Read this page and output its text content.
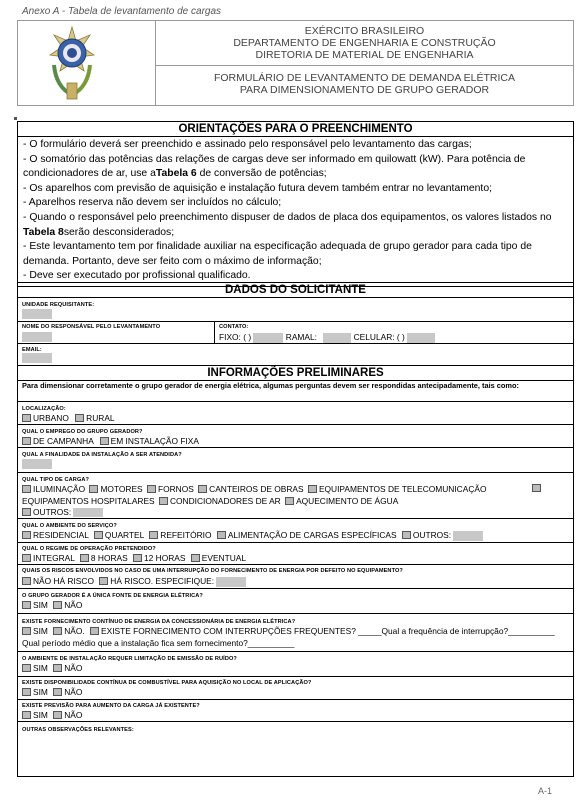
Anexo A - Tabela de levantamento de cargas
EXÉRCITO BRASILEIRO
DEPARTAMENTO DE ENGENHARIA E CONSTRUÇÃO
DIRETORIA DE MATERIAL DE ENGENHARIA
FORMULÁRIO DE LEVANTAMENTO DE DEMANDA ELÉTRICA
PARA DIMENSIONAMENTO DE GRUPO GERADOR
ORIENTAÇÕES PARA O PREENCHIMENTO
- O formulário deverá ser preenchido e assinado pelo responsável pelo levantamento das cargas;
- O somatório das potências das relações de cargas deve ser informado em quilowatt (kW). Para potência de condicionadores de ar, use aTabela 6 de conversão de potências;
- Os aparelhos com previsão de aquisição e instalação futura devem também entrar no levantamento;
- Aparelhos reserva não devem ser incluídos no cálculo;
- Quando o responsável pelo preenchimento dispuser de dados de placa dos equipamentos, os valores listados no Tabela 8serão desconsiderados;
- Este levantamento tem por finalidade auxiliar na especificação adequada de grupo gerador para cada tipo de demanda. Portanto, deve ser feito com o máximo de informação;
- Deve ser executado por profissional qualificado.
DADOS DO SOLICITANTE
UNIDADE REQUISITANTE:
NOME DO RESPONSÁVEL PELO LEVANTAMENTO	CONTATO:
FIXO: ( )	RAMAL:	CELULAR: ( )
EMAIL:
INFORMAÇÕES PRELIMINARES
Para dimensionar corretamente o grupo gerador de energia elétrica, algumas perguntas devem ser respondidas antecipadamente, tais como:
LOCALIZAÇÃO:
URBANO RURAL
QUAL O EMPREGO DO GRUPO GERADOR?
DE CAMPANHA EM INSTALAÇÃO FIXA
QUAL A FINALIDADE DA INSTALAÇÃO A SER ATENDIDA?
QUAL TIPO DE CARGA?
ILUMINAÇÃO MOTORES FORNOS CANTEIROS DE OBRAS EQUIPAMENTOS DE TELECOMUNICAÇÃO
EQUIPAMENTOS HOSPITALARES CONDICIONADORES DE AR AQUECIMENTO DE ÁGUA
OUTROS:
QUAL O AMBIENTE DO SERVIÇO?
RESIDENCIAL QUARTEL REFEITÓRIO ALIMENTAÇÃO DE CARGAS ESPECÍFICAS OUTROS:
QUAL O REGIME DE OPERAÇÃO PRETENDIDO?
INTEGRAL 8 HORAS 12 HORAS EVENTUAL
QUAIS OS RISCOS ENVOLVIDOS NO CASO DE UMA INTERRUPÇÃO DO FORNECIMENTO DE ENERGIA POR DEFEITO NO EQUIPAMENTO?
NÃO HÁ RISCO HÁ RISCO. ESPECIFIQUE:
O GRUPO GERADOR É A ÚNICA FONTE DE ENERGIA ELÉTRICA?
SIM NÃO
EXISTE FORNECIMENTO CONTÍNUO DE ENERGIA DA CONCESSIONÁRIA DE ENERGIA ELÉTRICA?
SIM NÃO. EXISTE FORNECIMENTO COM INTERRUPÇÕES FREQUENTES? _____Qual a frequência de interrupção?__________
Qual período médio que a instalação fica sem fornecimento?__________
O AMBIENTE DE INSTALAÇÃO REQUER LIMITAÇÃO DE EMISSÃO DE RUÍDO?
SIM NÃO
EXISTE DISPONIBILIDADE CONTÍNUA DE COMBUSTÍVEL PARA AQUISIÇÃO NO LOCAL DE APLICAÇÃO?
SIM NÃO
EXISTE PREVISÃO PARA AUMENTO DA CARGA JÁ EXISTENTE?
SIM NÃO
OUTRAS OBSERVAÇÕES RELEVANTES:
A-1
